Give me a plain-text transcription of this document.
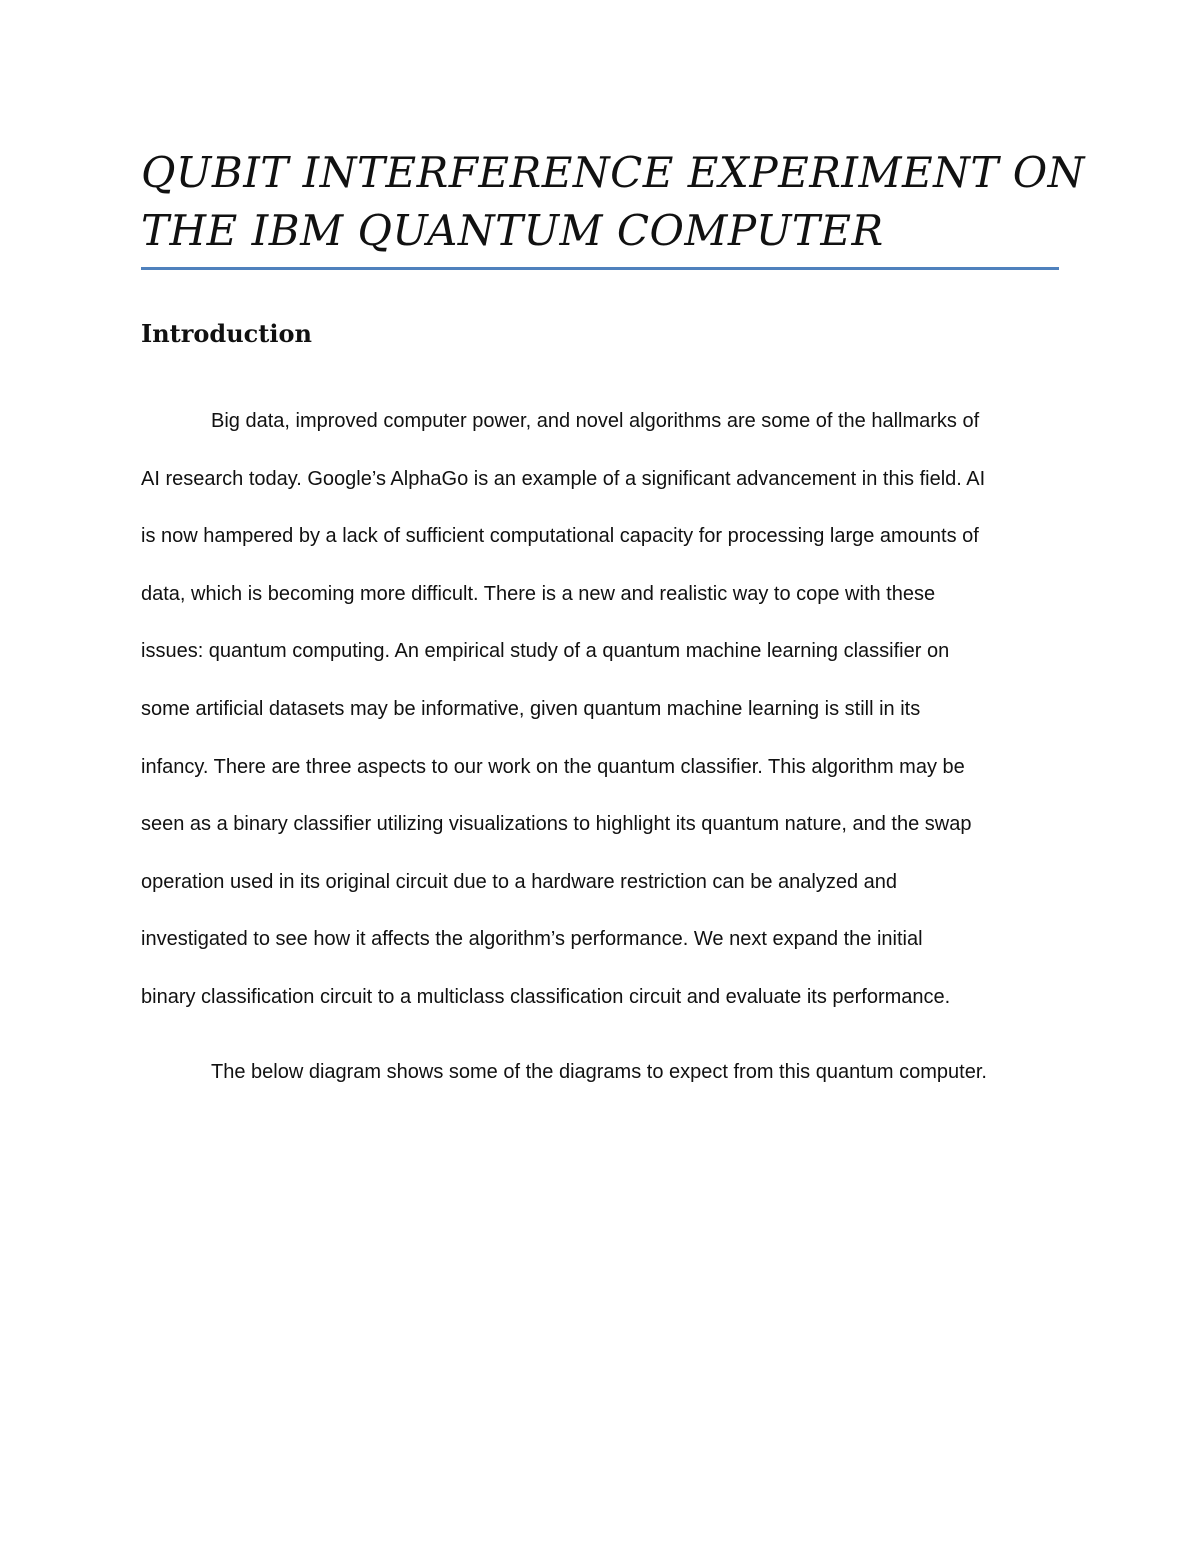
QUBIT INTERFERENCE EXPERIMENT ON
THE IBM QUANTUM COMPUTER
Introduction
Big data, improved computer power, and novel algorithms are some of the hallmarks of
AI research today. Google’s AlphaGo is an example of a significant advancement in this field. AI
is now hampered by a lack of sufficient computational capacity for processing large amounts of
data, which is becoming more difficult. There is a new and realistic way to cope with these
issues: quantum computing. An empirical study of a quantum machine learning classifier on
some artificial datasets may be informative, given quantum machine learning is still in its
infancy. There are three aspects to our work on the quantum classifier. This algorithm may be
seen as a binary classifier utilizing visualizations to highlight its quantum nature, and the swap
operation used in its original circuit due to a hardware restriction can be analyzed and
investigated to see how it affects the algorithm’s performance. We next expand the initial
binary classification circuit to a multiclass classification circuit and evaluate its performance.
The below diagram shows some of the diagrams to expect from this quantum computer.
